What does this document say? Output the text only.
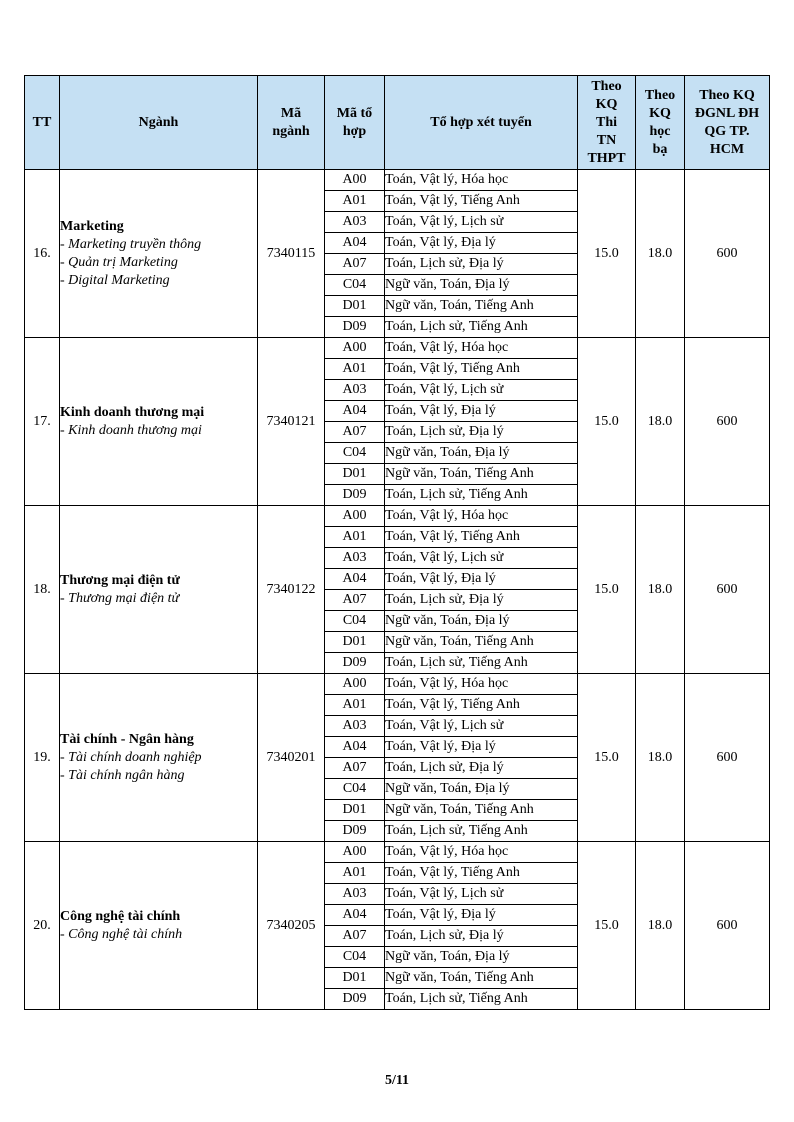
TT	Ngành	Mã ngành	Mã tổ hợp	Tổ hợp xét tuyển	Theo KQ Thi TN THPT	Theo KQ học bạ	Theo KQ ĐGNL ĐH QG TP. HCM
16.	Marketing
- Marketing truyền thông
- Quản trị Marketing
- Digital Marketing	7340115	A00	Toán, Vật lý, Hóa học	15.0	18.0	600
			A01	Toán, Vật lý, Tiếng Anh			
			A03	Toán, Vật lý, Lịch sử			
			A04	Toán, Vật lý, Địa lý			
			A07	Toán, Lịch sử, Địa lý			
			C04	Ngữ văn, Toán, Địa lý			
			D01	Ngữ văn, Toán, Tiếng Anh			
			D09	Toán, Lịch sử, Tiếng Anh			
17.	Kinh doanh thương mại
- Kinh doanh thương mại	7340121	A00	Toán, Vật lý, Hóa học	15.0	18.0	600
			A01	Toán, Vật lý, Tiếng Anh			
			A03	Toán, Vật lý, Lịch sử			
			A04	Toán, Vật lý, Địa lý			
			A07	Toán, Lịch sử, Địa lý			
			C04	Ngữ văn, Toán, Địa lý			
			D01	Ngữ văn, Toán, Tiếng Anh			
			D09	Toán, Lịch sử, Tiếng Anh			
18.	Thương mại điện tử
- Thương mại điện tử	7340122	A00	Toán, Vật lý, Hóa học	15.0	18.0	600
			A01	Toán, Vật lý, Tiếng Anh			
			A03	Toán, Vật lý, Lịch sử			
			A04	Toán, Vật lý, Địa lý			
			A07	Toán, Lịch sử, Địa lý			
			C04	Ngữ văn, Toán, Địa lý			
			D01	Ngữ văn, Toán, Tiếng Anh			
			D09	Toán, Lịch sử, Tiếng Anh			
19.	Tài chính - Ngân hàng
- Tài chính doanh nghiệp
- Tài chính ngân hàng	7340201	A00	Toán, Vật lý, Hóa học	15.0	18.0	600
			A01	Toán, Vật lý, Tiếng Anh			
			A03	Toán, Vật lý, Lịch sử			
			A04	Toán, Vật lý, Địa lý			
			A07	Toán, Lịch sử, Địa lý			
			C04	Ngữ văn, Toán, Địa lý			
			D01	Ngữ văn, Toán, Tiếng Anh			
			D09	Toán, Lịch sử, Tiếng Anh			
20.	Công nghệ tài chính
- Công nghệ tài chính	7340205	A00	Toán, Vật lý, Hóa học	15.0	18.0	600
			A01	Toán, Vật lý, Tiếng Anh			
			A03	Toán, Vật lý, Lịch sử			
			A04	Toán, Vật lý, Địa lý			
			A07	Toán, Lịch sử, Địa lý			
			C04	Ngữ văn, Toán, Địa lý			
			D01	Ngữ văn, Toán, Tiếng Anh			
			D09	Toán, Lịch sử, Tiếng Anh			
5/11
